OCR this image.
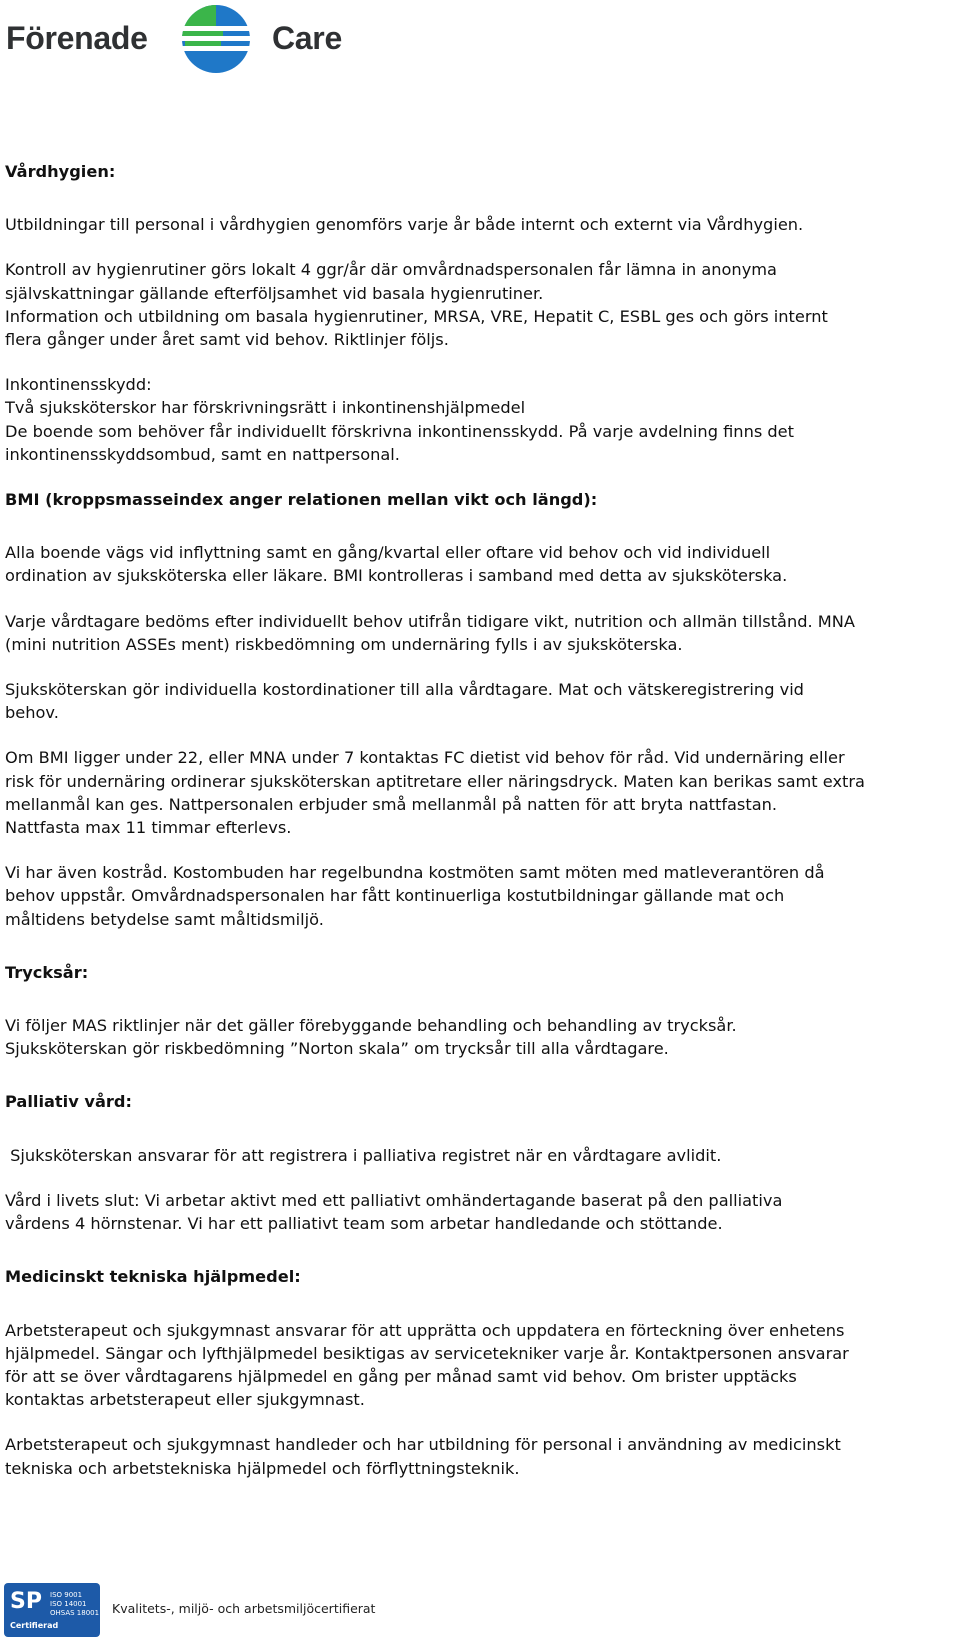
Förenade	Care

Vårdhygien:

Utbildningar till personal i vårdhygien genomförs varje år både internt och externt via Vårdhygien.

Kontroll av hygienrutiner görs lokalt 4 ggr/år där omvårdnadspersonalen får lämna in anonyma

självskattningar gällande efterföljsamhet vid basala hygienrutiner.

Information och utbildning om basala hygienrutiner, MRSA, VRE, Hepatit C, ESBL ges och görs internt

flera gånger under året samt vid behov. Riktlinjer följs.

Inkontinensskydd:

Två sjuksköterskor har förskrivningsrätt i inkontinenshjälpmedel

De boende som behöver får individuellt förskrivna inkontinensskydd. På varje avdelning finns det

inkontinensskyddsombud, samt en nattpersonal.

BMI (kroppsmasseindex anger relationen mellan vikt och längd):

Alla boende vägs vid inflyttning samt en gång/kvartal eller oftare vid behov och vid individuell

ordination av sjuksköterska eller läkare. BMI kontrolleras i samband med detta av sjuksköterska.

Varje vårdtagare bedöms efter individuellt behov utifrån tidigare vikt, nutrition och allmän tillstånd. MNA

(mini nutrition ASSEs ment) riskbedömning om undernäring fylls i av sjuksköterska.

Sjuksköterskan gör individuella kostordinationer till alla vårdtagare. Mat och vätskeregistrering vid

behov.

Om BMI ligger under 22, eller MNA under 7 kontaktas FC dietist vid behov för råd. Vid undernäring eller

risk för undernäring ordinerar sjuksköterskan aptitretare eller näringsdryck. Maten kan berikas samt extra

mellanmål kan ges. Nattpersonalen erbjuder små mellanmål på natten för att bryta nattfastan.

Nattfasta max 11 timmar efterlevs.

Vi har även kostråd. Kostombuden har regelbundna kostmöten samt möten med matleverantören då

behov uppstår. Omvårdnadspersonalen har fått kontinuerliga kostutbildningar gällande mat och

måltidens betydelse samt måltidsmiljö.

Trycksår:

Vi följer MAS riktlinjer när det gäller förebyggande behandling och behandling av trycksår.

Sjuksköterskan gör riskbedömning ”Norton skala” om trycksår till alla vårdtagare.

Palliativ vård:

Sjuksköterskan ansvarar för att registrera i palliativa registret när en vårdtagare avlidit.

Vård i livets slut: Vi arbetar aktivt med ett palliativt omhändertagande baserat på den palliativa

vårdens 4 hörnstenar. Vi har ett palliativt team som arbetar handledande och stöttande.

Medicinskt tekniska hjälpmedel:

Arbetsterapeut och sjukgymnast ansvarar för att upprätta och uppdatera en förteckning över enhetens

hjälpmedel. Sängar och lyfthjälpmedel besiktigas av servicetekniker varje år. Kontaktpersonen ansvarar

för att se över vårdtagarens hjälpmedel en gång per månad samt vid behov. Om brister upptäcks

kontaktas arbetsterapeut eller sjukgymnast.

Arbetsterapeut och sjukgymnast handleder och har utbildning för personal i användning av medicinskt

tekniska och arbetstekniska hjälpmedel och förflyttningsteknik.

SP ISO 9001
ISO 14001
OHSAS 18001
Certifierad
Kvalitets-, miljö- och arbetsmiljöcertifierat
